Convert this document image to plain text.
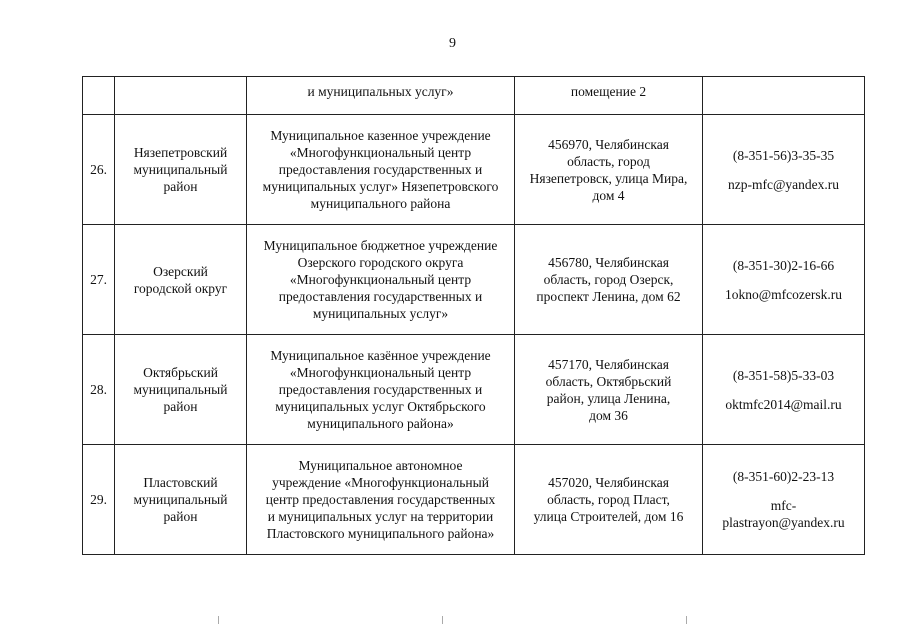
9
		и муниципальных услуг»	помещение 2	
26.	Нязепетровский
муниципальный
район	Муниципальное казенное учреждение
«Многофункциональный центр
предоставления государственных и
муниципальных услуг» Нязепетровского
муниципального района	456970, Челябинская
область, город
Нязепетровск, улица Мира,
дом 4	(8-351-56)3-35-35
nzp-mfc@yandex.ru

27.	Озерский
городской округ	Муниципальное бюджетное учреждение
Озерского городского округа
«Многофункциональный центр
предоставления государственных и
муниципальных услуг»	456780, Челябинская
область, город Озерск,
проспект Ленина, дом 62	(8-351-30)2-16-66
1okno@mfcozersk.ru

28.	Октябрьский
муниципальный
район	Муниципальное казённое учреждение
«Многофункциональный центр
предоставления государственных и
муниципальных услуг Октябрьского
муниципального района»	457170, Челябинская
область, Октябрьский
район, улица Ленина,
дом 36	(8-351-58)5-33-03
oktmfc2014@mail.ru

29.	Пластовский
муниципальный
район	Муниципальное автономное
учреждение «Многофункциональный
центр предоставления государственных
и муниципальных услуг на территории
Пластовского муниципального района»	457020, Челябинская
область, город Пласт,
улица Строителей, дом 16	(8-351-60)2-23-13
mfc-
plastrayon@yandex.ru
